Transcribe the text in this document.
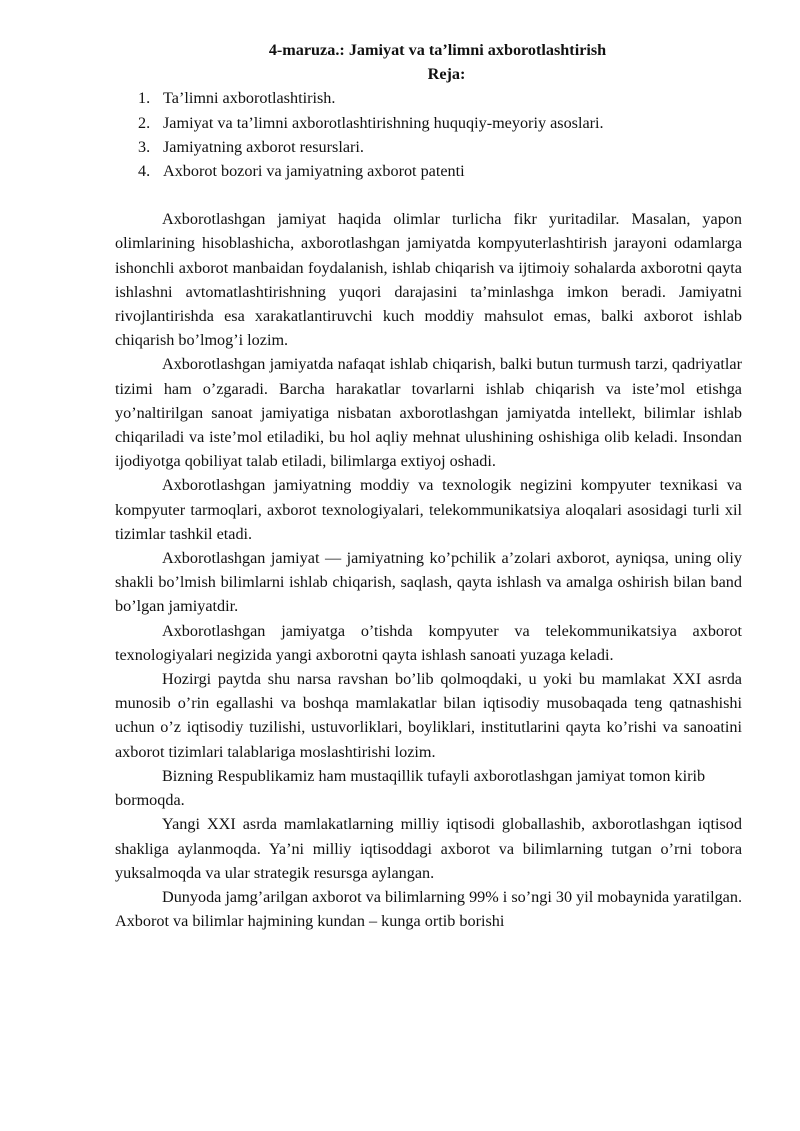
4-maruza.: Jamiyat va ta’limni axborotlashtirish

Reja:

1. Ta’limni axborotlashtirish.
2. Jamiyat va ta’limni axborotlashtirishning huquqiy-meyoriy asoslari.
3. Jamiyatning axborot resurslari.
4. Axborot bozori va jamiyatning axborot patenti

Axborotlashgan jamiyat haqida olimlar turlicha fikr yuritadilar. Masalan, yapon olimlarining hisoblashicha, axborotlashgan jamiyatda kompyuterlashtirish jarayoni odamlarga ishonchli axborot manbaidan foydalanish, ishlab chiqarish va ijtimoiy sohalarda axborotni qayta ishlashni avtomatlashtirishning yuqori darajasini ta’minlashga imkon beradi. Jamiyatni rivojlantirishda esa xarakatlantiruvchi kuch moddiy mahsulot emas, balki axborot ishlab chiqarish bo’lmog’i lozim.

Axborotlashgan jamiyatda nafaqat ishlab chiqarish, balki butun turmush tarzi, qadriyatlar tizimi ham o’zgaradi. Barcha harakatlar tovarlarni ishlab chiqarish va iste’mol etishga yo’naltirilgan sanoat jamiyatiga nisbatan axborotlashgan jamiyatda intellekt, bilimlar ishlab chiqariladi va iste’mol etiladiki, bu hol aqliy mehnat ulushining oshishiga olib keladi. Insondan ijodiyotga qobiliyat talab etiladi, bilimlarga extiyoj oshadi.

Axborotlashgan jamiyatning moddiy va texnologik negizini kompyuter texnikasi va kompyuter tarmoqlari, axborot texnologiyalari, telekommunikatsiya aloqalari asosidagi turli xil tizimlar tashkil etadi.

Axborotlashgan jamiyat — jamiyatning ko’pchilik a’zolari axborot, ayniqsa, uning oliy shakli bo’lmish bilimlarni ishlab chiqarish, saqlash, qayta ishlash va amalga oshirish bilan band bo’lgan jamiyatdir.

Axborotlashgan jamiyatga o’tishda kompyuter va telekommunikatsiya axborot texnologiyalari negizida yangi axborotni qayta ishlash sanoati yuzaga keladi.

Hozirgi paytda shu narsa ravshan bo’lib qolmoqdaki, u yoki bu mamlakat XXI asrda munosib o’rin egallashi va boshqa mamlakatlar bilan iqtisodiy musobaqada teng qatnashishi uchun o’z iqtisodiy tuzilishi, ustuvorliklari, boyliklari, institutlarini qayta ko’rishi va sanoatini axborot tizimlari talablariga moslashtirishi lozim.

Bizning Respublikamiz ham mustaqillik tufayli axborotlashgan jamiyat tomon kirib bormoqda.

Yangi XXI asrda mamlakatlarning milliy iqtisodi globallashib, axborotlashgan iqtisod shakliga aylanmoqda. Ya’ni milliy iqtisoddagi axborot va bilimlarning tutgan o’rni tobora yuksalmoqda va ular strategik resursga aylangan.

Dunyoda jamg’arilgan axborot va bilimlarning 99% i so’ngi 30 yil mobaynida yaratilgan. Axborot va bilimlar hajmining kundan – kunga ortib borishi
